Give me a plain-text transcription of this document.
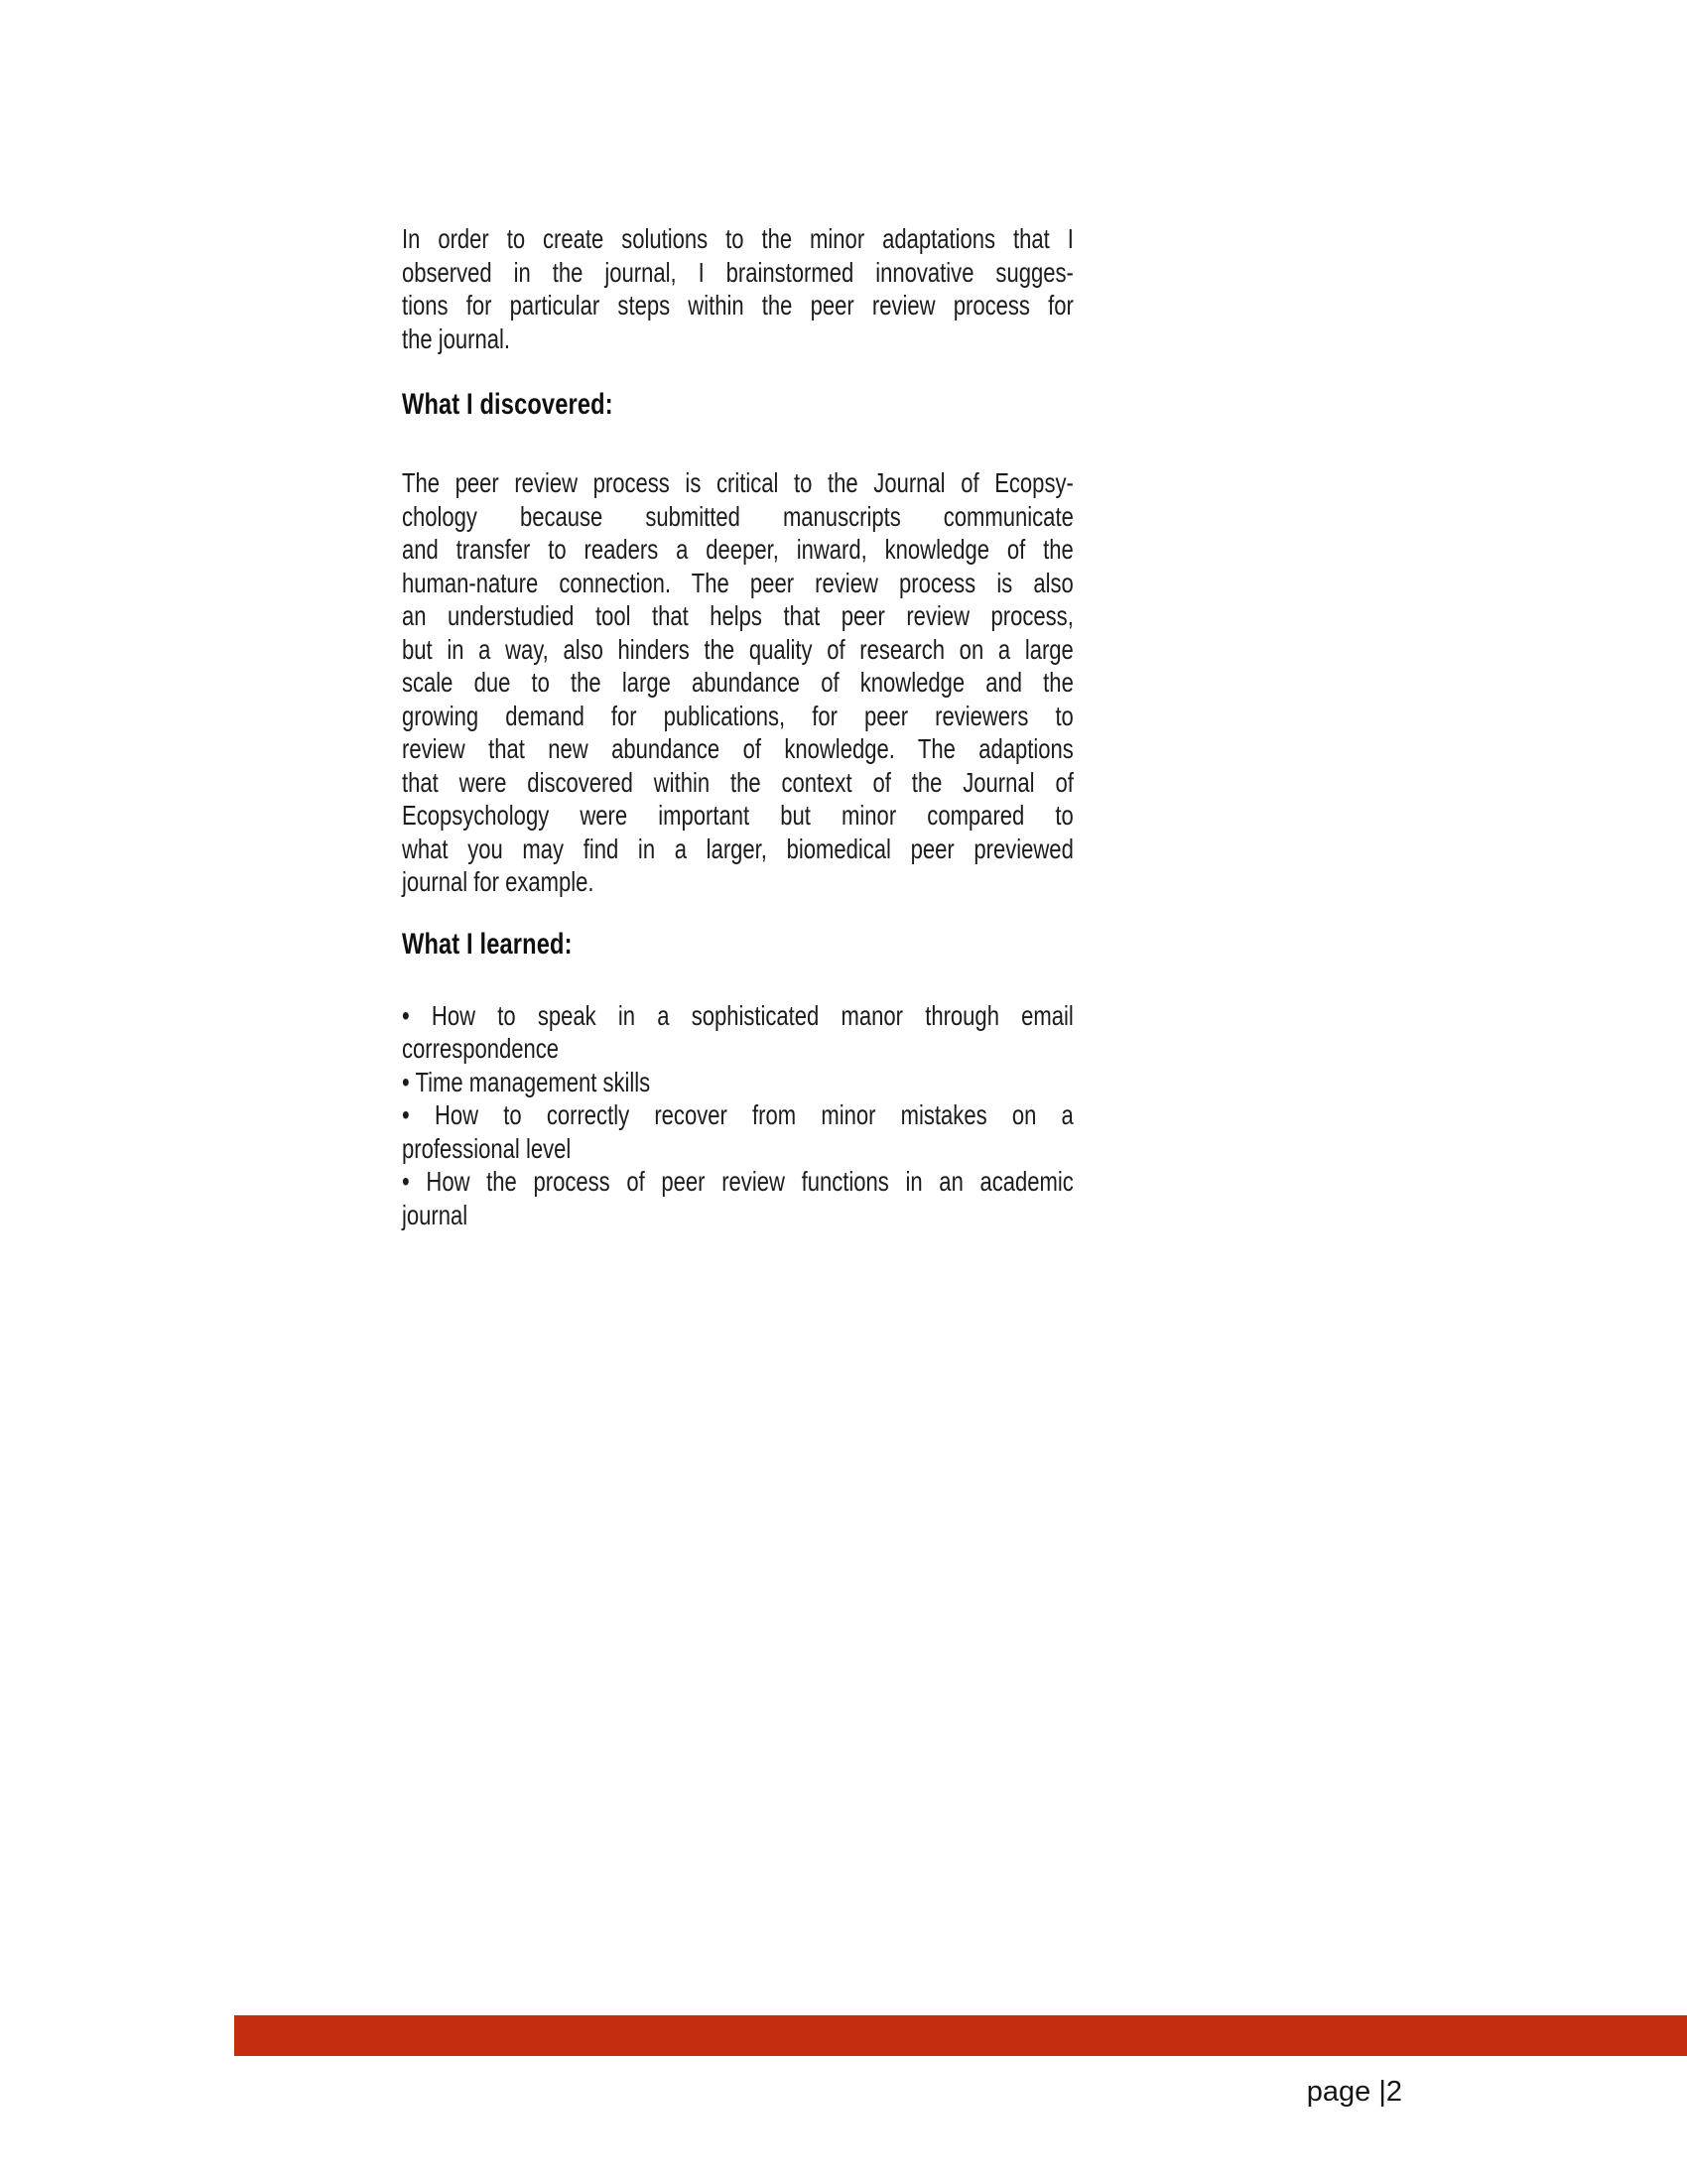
In order to create solutions to the minor adaptations that I
observed in the journal, I brainstormed innovative sugges-
tions for particular steps within the peer review process for
the journal.

What I discovered:

The peer review process is critical to the Journal of Ecopsy-
chology because submitted manuscripts communicate
and transfer to readers a deeper, inward, knowledge of the
human-nature connection. The peer review process is also
an understudied tool that helps that peer review process,
but in a way, also hinders the quality of research on a large
scale due to the large abundance of knowledge and the
growing demand for publications, for peer reviewers to
review that new abundance of knowledge. The adaptions
that were discovered within the context of the Journal of
Ecopsychology were important but minor compared to
what you may find in a larger, biomedical peer previewed
journal for example.

What I learned:

• How to speak in a sophisticated manor through email
correspondence

• Time management skills

• How to correctly recover from minor mistakes on a
professional level

• How the process of peer review functions in an academic
journal

page |2
